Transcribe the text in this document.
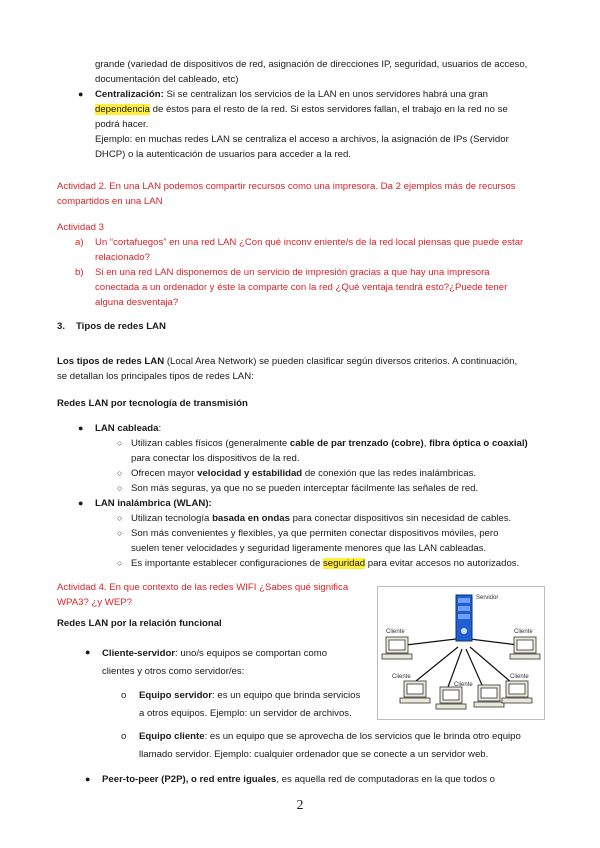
grande (variedad de dispositivos de red, asignación de direcciones IP, seguridad, usuarios de acceso,
documentación del cableado, etc)
● Centralización: Si se centralizan los servicios de la LAN en unos servidores habrá una gran
dependencia de éstos para el resto de la red. Si estos servidores fallan, el trabajo en la red no se
podrá hacer.
Ejemplo: en muchas redes LAN se centraliza el acceso a archivos, la asignación de IPs (Servidor
DHCP) o la autenticación de usuarios para acceder a la red.
Actividad 2. En una LAN podemos compartir recursos como una impresora. Da 2 ejemplos más de recursos
compartidos en una LAN
Actividad 3
a) Un “cortafuegos” en una red LAN ¿Con qué inconv eniente/s de la red local piensas que puede estar
relacionado?
b) Si en una red LAN disponemos de un servicio de impresión gracias a que hay una impresora
conectada a un ordenador y éste la comparte con la red ¿Qué ventaja tendrá esto?¿Puede tener
alguna desventaja?
3. Tipos de redes LAN
Los tipos de redes LAN (Local Area Network) se pueden clasificar según diversos criterios. A continuación,
se detallan los principales tipos de redes LAN:
Redes LAN por tecnología de transmisión
● LAN cableada:
○ Utilizan cables físicos (generalmente cable de par trenzado (cobre), fibra óptica o coaxial)
para conectar los dispositivos de la red.
○ Ofrecen mayor velocidad y estabilidad de conexión que las redes inalámbricas.
○ Son más seguras, ya que no se pueden interceptar fácilmente las señales de red.
● LAN inalámbrica (WLAN):
○ Utilizan tecnología basada en ondas para conectar dispositivos sin necesidad de cables.
○ Son más convenientes y flexibles, ya que permiten conectar dispositivos móviles, pero
suelen tener velocidades y seguridad ligeramente menores que las LAN cableadas.
○ Es importante establecer configuraciones de seguridad para evitar accesos no autorizados.
Actividad 4. En que contexto de las redes WIFI ¿Sabes qué significa
WPA3? ¿y WEP?	Servidor
Cliente	Cliente
Cliente
Cliente
Cliente
Redes LAN por la relación funcional
● Cliente-servidor: uno/s equipos se comportan como
clientes y otros como servidor/es:
o Equipo servidor: es un equipo que brinda servicios
a otros equipos. Ejemplo: un servidor de archivos.
o Equipo cliente: es un equipo que se aprovecha de los servicios que le brinda otro equipo
llamado servidor. Ejemplo: cualquier ordenador que se conecte a un servidor web.
● Peer-to-peer (P2P), o red entre iguales, es aquella red de computadoras en la que todos o
2
